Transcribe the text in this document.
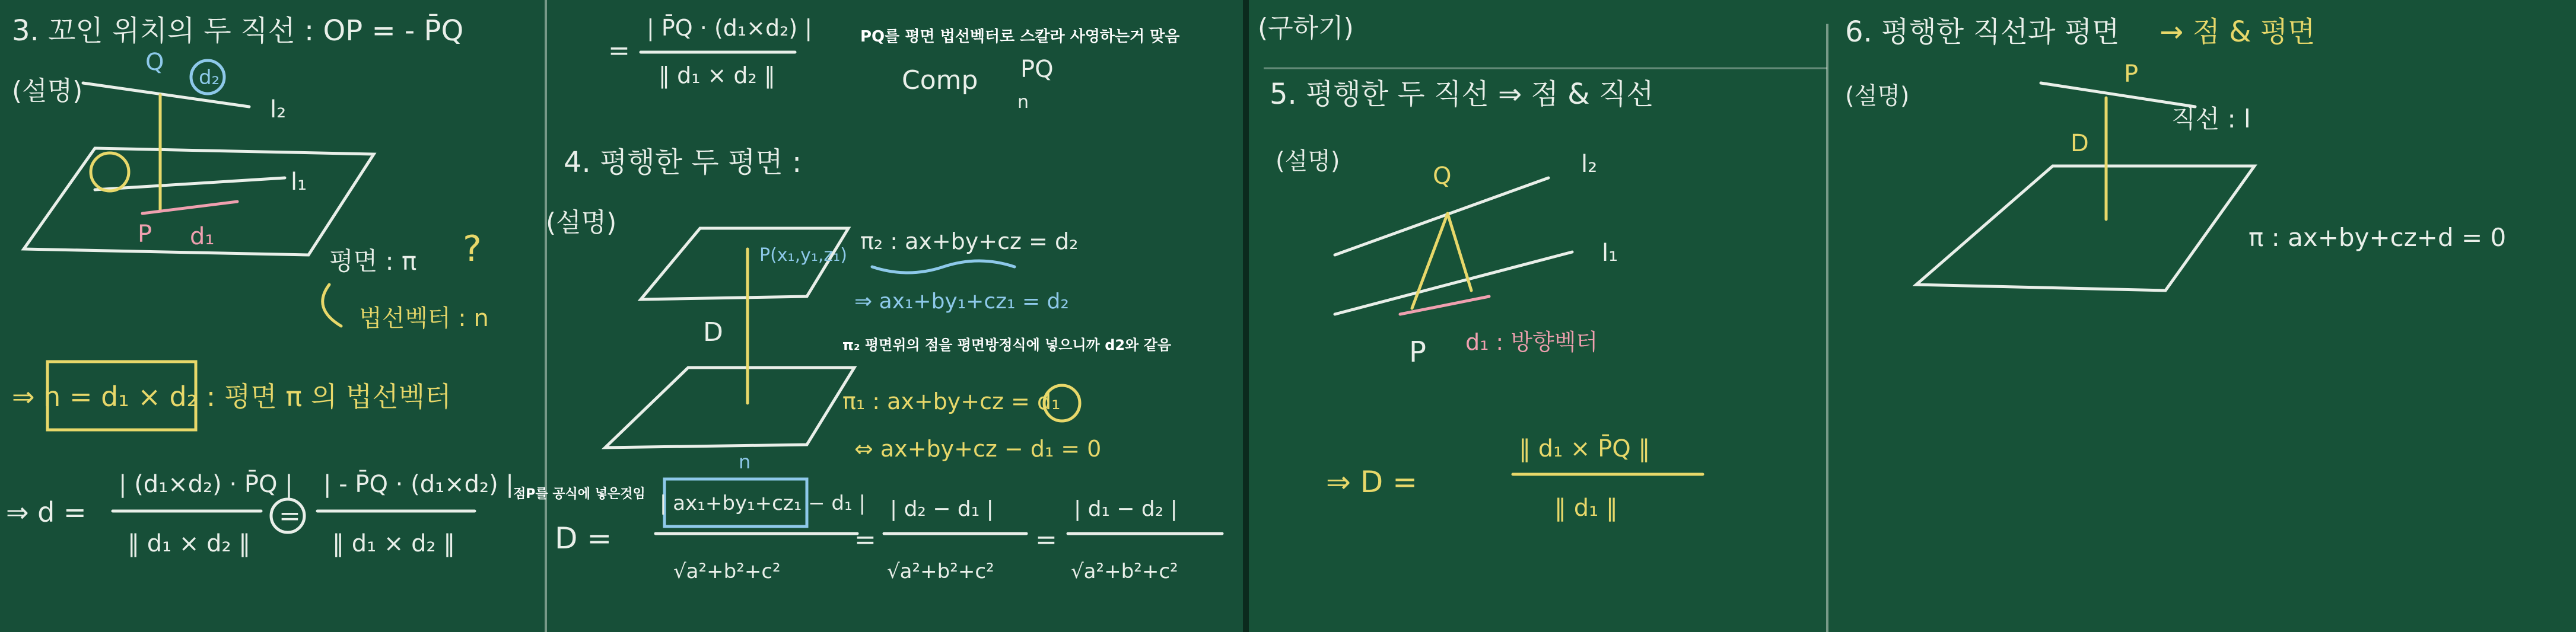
3. 꼬인 위치의 두 직선 : OP = - P̄Q
(설명)
Q
d₂
l₂
l₁
d₁
P
평면 : π ?
법선벡터 : n
⇒ n = d₁ × d₂ : 평면 π 의 법선벡터
⇒ d =
| (d₁×d₂) · P̄Q |
‖ d₁ × d₂ ‖
=
| - P̄Q · (d₁×d₂) |
‖ d₁ × d₂ ‖
=
| P̄Q · (d₁×d₂) |
‖ d₁ × d₂ ‖
PQ를 평면 법선벡터로 스칼라 사영하는거 맞음
Comp
n
PQ
4. 평행한 두 평면 :
(설명)
P(x₁,y₁,z₁)
D
n
π₂ : ax+by+cz = d₂
⇒ ax₁+by₁+cz₁ = d₂
π₂ 평면위의 점을 평면방정식에 넣으니까 d2와 같음
π₁ : ax+by+cz = d₁
⇔ ax+by+cz − d₁ = 0
점P를 공식에 넣은것임
D =
| ax₁+by₁+cz₁ − d₁ |
√a²+b²+c²
=
| d₂ − d₁ |
√a²+b²+c²
=
| d₁ − d₂ |
√a²+b²+c²
(구하기)
5. 평행한 두 직선 ⇒ 점 & 직선
(설명)
Q	l₂
l₁
P d₁ : 방향벡터
⇒ D =
‖ d₁ × P̄Q ‖
‖ d₁ ‖
6. 평행한 직선과 평면 → 점 & 평면
(설명)
P
직선 : l
D
π : ax+by+cz+d = 0
